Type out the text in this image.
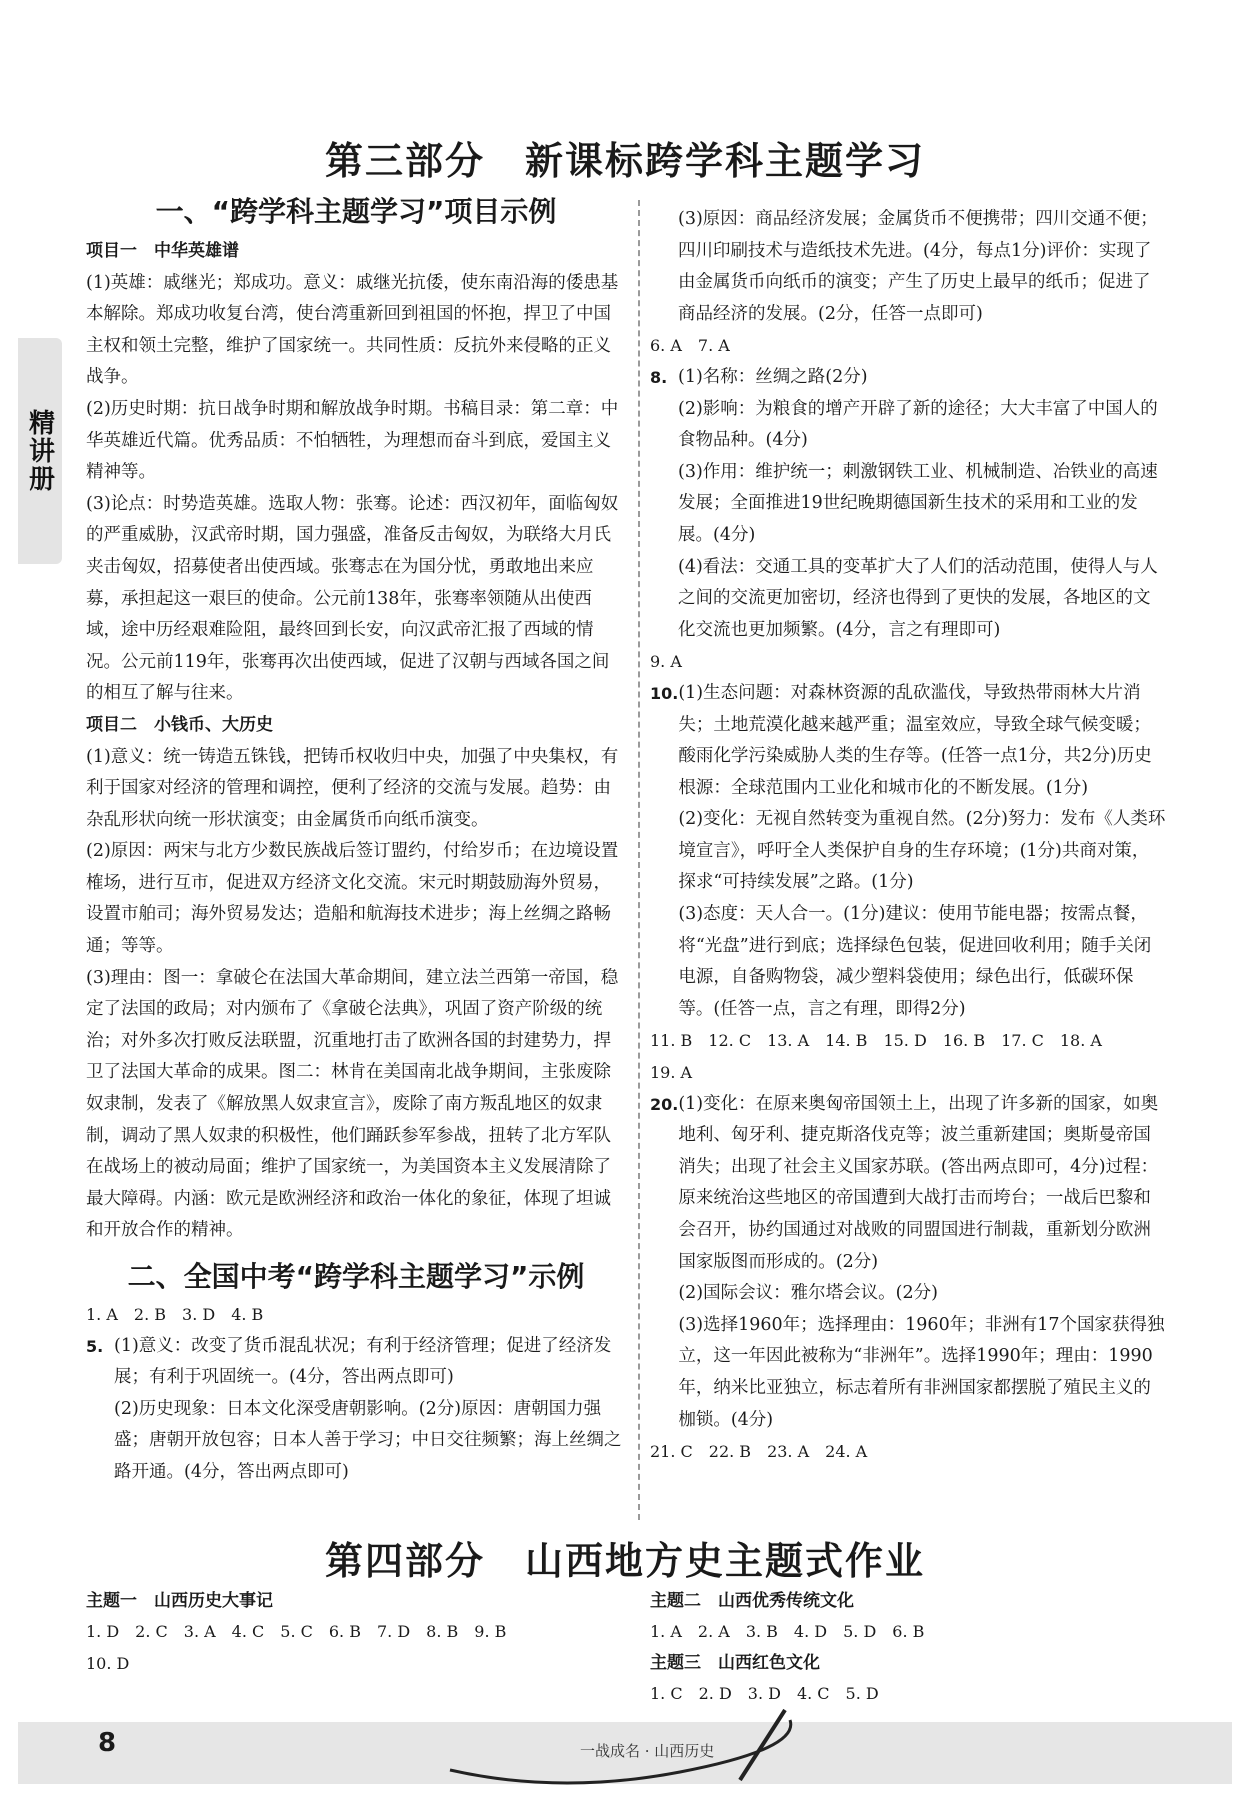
精讲册
第三部分　新课标跨学科主题学习
一、“跨学科主题学习”项目示例

项目一　中华英雄谱

(1)英雄：戚继光；郑成功。意义：戚继光抗倭，使东南沿海的倭患基本解除。郑成功收复台湾，使台湾重新回到祖国的怀抱，捍卫了中国主权和领土完整，维护了国家统一。共同性质：反抗外来侵略的正义战争。

(2)历史时期：抗日战争时期和解放战争时期。书稿目录：第二章：中华英雄近代篇。优秀品质：不怕牺牲，为理想而奋斗到底，爱国主义精神等。

(3)论点：时势造英雄。选取人物：张骞。论述：西汉初年，面临匈奴的严重威胁，汉武帝时期，国力强盛，准备反击匈奴，为联络大月氏夹击匈奴，招募使者出使西域。张骞志在为国分忧，勇敢地出来应募，承担起这一艰巨的使命。公元前138年，张骞率领随从出使西域，途中历经艰难险阻，最终回到长安，向汉武帝汇报了西域的情况。公元前119年，张骞再次出使西域，促进了汉朝与西域各国之间的相互了解与往来。

项目二　小钱币、大历史

(1)意义：统一铸造五铢钱，把铸币权收归中央，加强了中央集权，有利于国家对经济的管理和调控，便利了经济的交流与发展。趋势：由杂乱形状向统一形状演变；由金属货币向纸币演变。

(2)原因：两宋与北方少数民族战后签订盟约，付给岁币；在边境设置榷场，进行互市，促进双方经济文化交流。宋元时期鼓励海外贸易，设置市舶司；海外贸易发达；造船和航海技术进步；海上丝绸之路畅通；等等。

(3)理由：图一：拿破仑在法国大革命期间，建立法兰西第一帝国，稳定了法国的政局；对内颁布了《拿破仑法典》，巩固了资产阶级的统治；对外多次打败反法联盟，沉重地打击了欧洲各国的封建势力，捍卫了法国大革命的成果。图二：林肯在美国南北战争期间，主张废除奴隶制，发表了《解放黑人奴隶宣言》，废除了南方叛乱地区的奴隶制，调动了黑人奴隶的积极性，他们踊跃参军参战，扭转了北方军队在战场上的被动局面；维护了国家统一，为美国资本主义发展清除了最大障碍。内涵：欧元是欧洲经济和政治一体化的象征，体现了坦诚和开放合作的精神。

二、全国中考“跨学科主题学习”示例

1. A　2. B　3. D　4. B

5. (1)意义：改变了货币混乱状况；有利于经济管理；促进了经济发展；有利于巩固统一。(4分，答出两点即可)

(2)历史现象：日本文化深受唐朝影响。(2分)原因：唐朝国力强盛；唐朝开放包容；日本人善于学习；中日交往频繁；海上丝绸之路开通。(4分，答出两点即可)

(3)原因：商品经济发展；金属货币不便携带；四川交通不便；四川印刷技术与造纸技术先进。(4分，每点1分)评价：实现了由金属货币向纸币的演变；产生了历史上最早的纸币；促进了商品经济的发展。(2分，任答一点即可)

6. A　7. A

8. (1)名称：丝绸之路(2分)

(2)影响：为粮食的增产开辟了新的途径；大大丰富了中国人的食物品种。(4分)

(3)作用：维护统一；刺激钢铁工业、机械制造、冶铁业的高速发展；全面推进19世纪晚期德国新生技术的采用和工业的发展。(4分)

(4)看法：交通工具的变革扩大了人们的活动范围，使得人与人之间的交流更加密切，经济也得到了更快的发展，各地区的文化交流也更加频繁。(4分，言之有理即可)

9. A

10. (1)生态问题：对森林资源的乱砍滥伐，导致热带雨林大片消失；土地荒漠化越来越严重；温室效应，导致全球气候变暖；酸雨化学污染威胁人类的生存等。(任答一点1分，共2分)历史根源：全球范围内工业化和城市化的不断发展。(1分)

(2)变化：无视自然转变为重视自然。(2分)努力：发布《人类环境宣言》，呼吁全人类保护自身的生存环境；(1分)共商对策，探求“可持续发展”之路。(1分)

(3)态度：天人合一。(1分)建议：使用节能电器；按需点餐，将“光盘”进行到底；选择绿色包装，促进回收利用；随手关闭电源，自备购物袋，减少塑料袋使用；绿色出行，低碳环保等。(任答一点，言之有理，即得2分)

11. B　12. C　13. A　14. B　15. D　16. B　17. C　18. A

19. A

20. (1)变化：在原来奥匈帝国领土上，出现了许多新的国家，如奥地利、匈牙利、捷克斯洛伐克等；波兰重新建国；奥斯曼帝国消失；出现了社会主义国家苏联。(答出两点即可，4分)过程：原来统治这些地区的帝国遭到大战打击而垮台；一战后巴黎和会召开，协约国通过对战败的同盟国进行制裁，重新划分欧洲国家版图而形成的。(2分)

(2)国际会议：雅尔塔会议。(2分)

(3)选择1960年；选择理由：1960年；非洲有17个国家获得独立，这一年因此被称为“非洲年”。选择1990年；理由：1990年，纳米比亚独立，标志着所有非洲国家都摆脱了殖民主义的枷锁。(4分)

21. C　22. B　23. A　24. A

第四部分　山西地方史主题式作业

主题一　山西历史大事记

1. D　2. C　3. A　4. C　5. C　6. B　7. D　8. B　9. B

10. D

主题二　山西优秀传统文化

1. A　2. A　3. B　4. D　5. D　6. B

主题三　山西红色文化

1. C　2. D　3. D　4. C　5. D

8	一战成名 · 山西历史
